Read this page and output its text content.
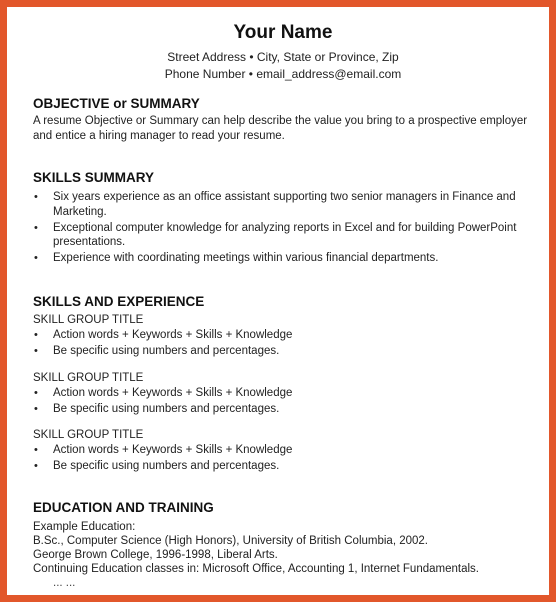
Your Name
Street Address • City, State or Province, Zip
Phone Number • email_address@email.com
OBJECTIVE or SUMMARY
A resume Objective or Summary can help describe the value you bring to a prospective employer and entice a hiring manager to read your resume.
SKILLS SUMMARY
• Six years experience as an office assistant supporting two senior managers in Finance and Marketing.
• Exceptional computer knowledge for analyzing reports in Excel and for building PowerPoint presentations.
• Experience with coordinating meetings within various financial departments.
SKILLS AND EXPERIENCE
SKILL GROUP TITLE
• Action words + Keywords + Skills + Knowledge
• Be specific using numbers and percentages.
SKILL GROUP TITLE
• Action words + Keywords + Skills + Knowledge
• Be specific using numbers and percentages.
SKILL GROUP TITLE
• Action words + Keywords + Skills + Knowledge
• Be specific using numbers and percentages.
EDUCATION AND TRAINING
Example Education:
B.Sc., Computer Science (High Honors), University of British Columbia, 2002.
George Brown College, 1996-1998, Liberal Arts.
Continuing Education classes in: Microsoft Office, Accounting 1, Internet Fundamentals.
... ...
